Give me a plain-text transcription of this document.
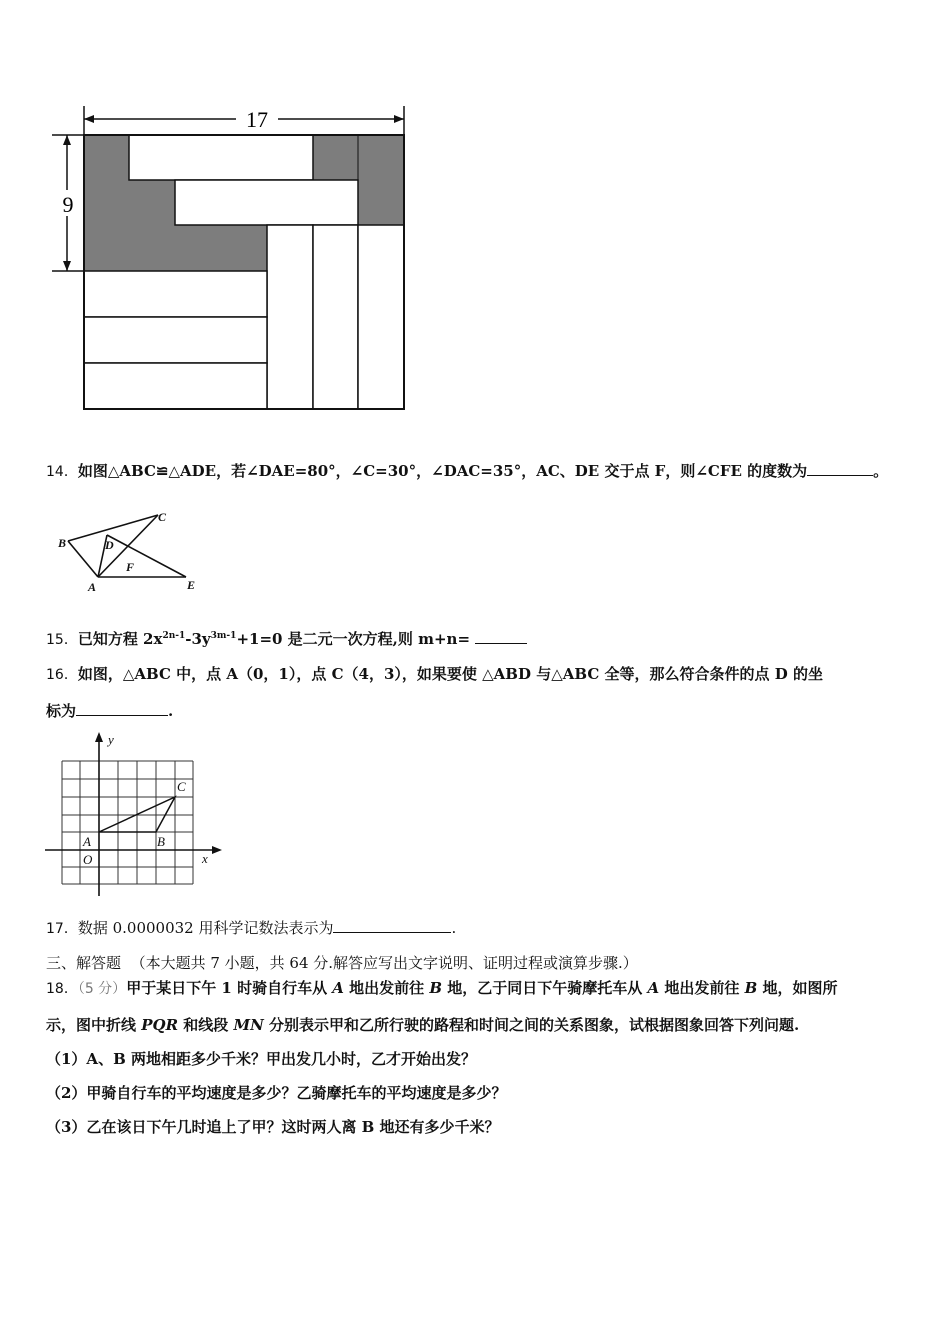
17
9
14．如图△ABC≌△ADE，若∠DAE=80°，∠C=30°，∠DAC=35°，AC、DE 交于点 F，则∠CFE 的度数为	。
B
C
D
A
F
E
15．已知方程 $2x^{2n-1}-3y^{3m-1}+1=0$ 是二元一次方程,则 m+n=
16．如图，△ABC 中，点 A（0，1），点 C（4，3），如果要使 △ABD 与△ABC 全等，那么符合条件的点 D 的坐
标为	.
y
x
C
A	B
O
17．数据 0.0000032 用科学记数法表示为	.
三、解答题 （本大题共 7 小题，共 64 分.解答应写出文字说明、证明过程或演算步骤.）
18．（5 分）甲于某日下午 1 时骑自行车从 A 地出发前往 B 地，乙于同日下午骑摩托车从 A 地出发前往 B 地，如图所
示，图中折线 PQR 和线段 MN 分别表示甲和乙所行驶的路程和时间之间的关系图象，试根据图象回答下列问题.
（1）A、B 两地相距多少千米？甲出发几小时，乙才开始出发？
（2）甲骑自行车的平均速度是多少？乙骑摩托车的平均速度是多少？
（3）乙在该日下午几时追上了甲？这时两人离 B 地还有多少千米？
